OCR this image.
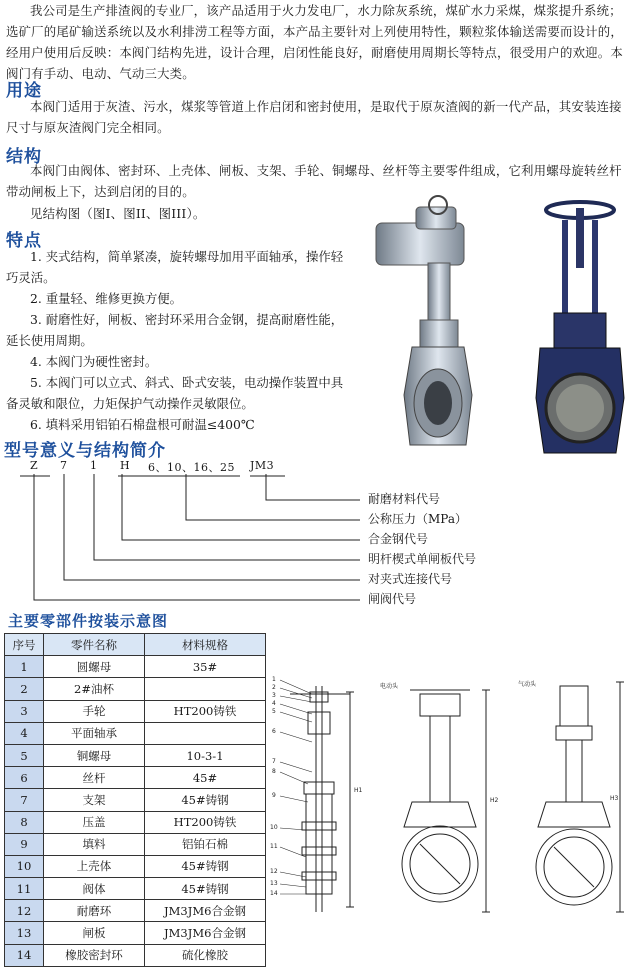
我公司是生产排渣阀的专业厂，该产品适用于火力发电厂，水力除灰系统，煤矿水力采煤，煤浆提升系统；选矿厂的尾矿输送系统以及水利排涝工程等方面，本产品主要针对上列使用特性，颗粒浆体输送需要而设计的，经用户使用后反映：本阀门结构先进，设计合理，启闭性能良好，耐磨使用周期长等特点，很受用户的欢迎。本阀门有手动、电动、气动三大类。
用途
本阀门适用于灰渣、污水，煤浆等管道上作启闭和密封使用，是取代于原灰渣阀的新一代产品，其安装连接尺寸与原灰渣阀门完全相同。
结构
本阀门由阀体、密封环、上壳体、闸板、支架、手轮、铜螺母、丝杆等主要零件组成，它利用螺母旋转丝杆带动闸板上下，达到启闭的目的。
见结构图（图I、图II、图III）。
特点

1. 夹式结构，简单紧凑，旋转螺母加用平面轴承，操作轻巧灵活。

2. 重量轻、维修更换方便。

3. 耐磨性好，闸板、密封环采用合金钢，提高耐磨性能，延长使用周期。

4. 本阀门为硬性密封。

5. 本阀门可以立式、斜式、卧式安装，电动操作装置中具备灵敏和限位，力矩保护气动操作灵敏限位。

6. 填料采用铝铂石棉盘根可耐温≤400℃

型号意义与结构简介
Z 7 1 H 6、10、16、25 JM3
耐磨材料代号
公称压力（MPa）
合金钢代号
明杆楔式单闸板代号
对夹式连接代号
闸阀代号
主要零部件按装示意图
序号	零件名称	材料规格
1	圆螺母	35#
2	2#油杯	
3	手轮	HT200铸铁
4	平面轴承	
5	铜螺母	10-3-1
6	丝杆	45#
7	支架	45#铸钢
8	压盖	HT200铸铁
9	填料	铝铂石棉
10	上壳体	45#铸钢
11	阀体	45#铸钢
12	耐磨环	JM3JM6合金钢
13	闸板	JM3JM6合金钢
14	橡胶密封环	硫化橡胶
1
2
3
4
5
6
7
8
9
10
11
12
13
14
H1
H2	H3
电动头	气动头
